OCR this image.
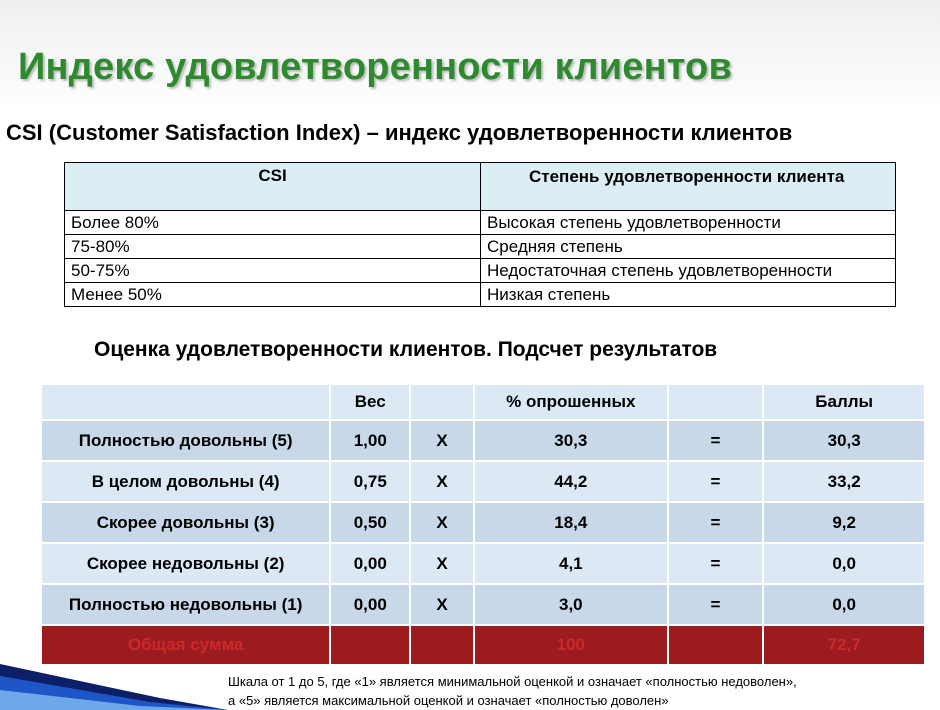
Индекс удовлетворенности клиентов
CSI (Customer Satisfaction Index) – индекс удовлетворенности клиентов
CSI	Степень удовлетворенности клиента
Более 80%	Высокая степень удовлетворенности
75-80%	Средняя степень
50-75%	Недостаточная степень удовлетворенности
Менее 50%	Низкая степень
Оценка удовлетворенности клиентов. Подсчет результатов
	Вес		% опрошенных		Баллы
Полностью довольны (5)	1,00	Х	30,3	=	30,3
В целом довольны (4)	0,75	Х	44,2	=	33,2
Скорее довольны (3)	0,50	Х	18,4	=	9,2
Скорее недовольны (2)	0,00	Х	4,1	=	0,0
Полностью недовольны (1)	0,00	Х	3,0	=	0,0
Общая сумма			100		72,7
Шкала от 1 до 5, где «1» является минимальной оценкой и означает «полностью недоволен»,
а «5» является максимальной оценкой и означает «полностью доволен»
